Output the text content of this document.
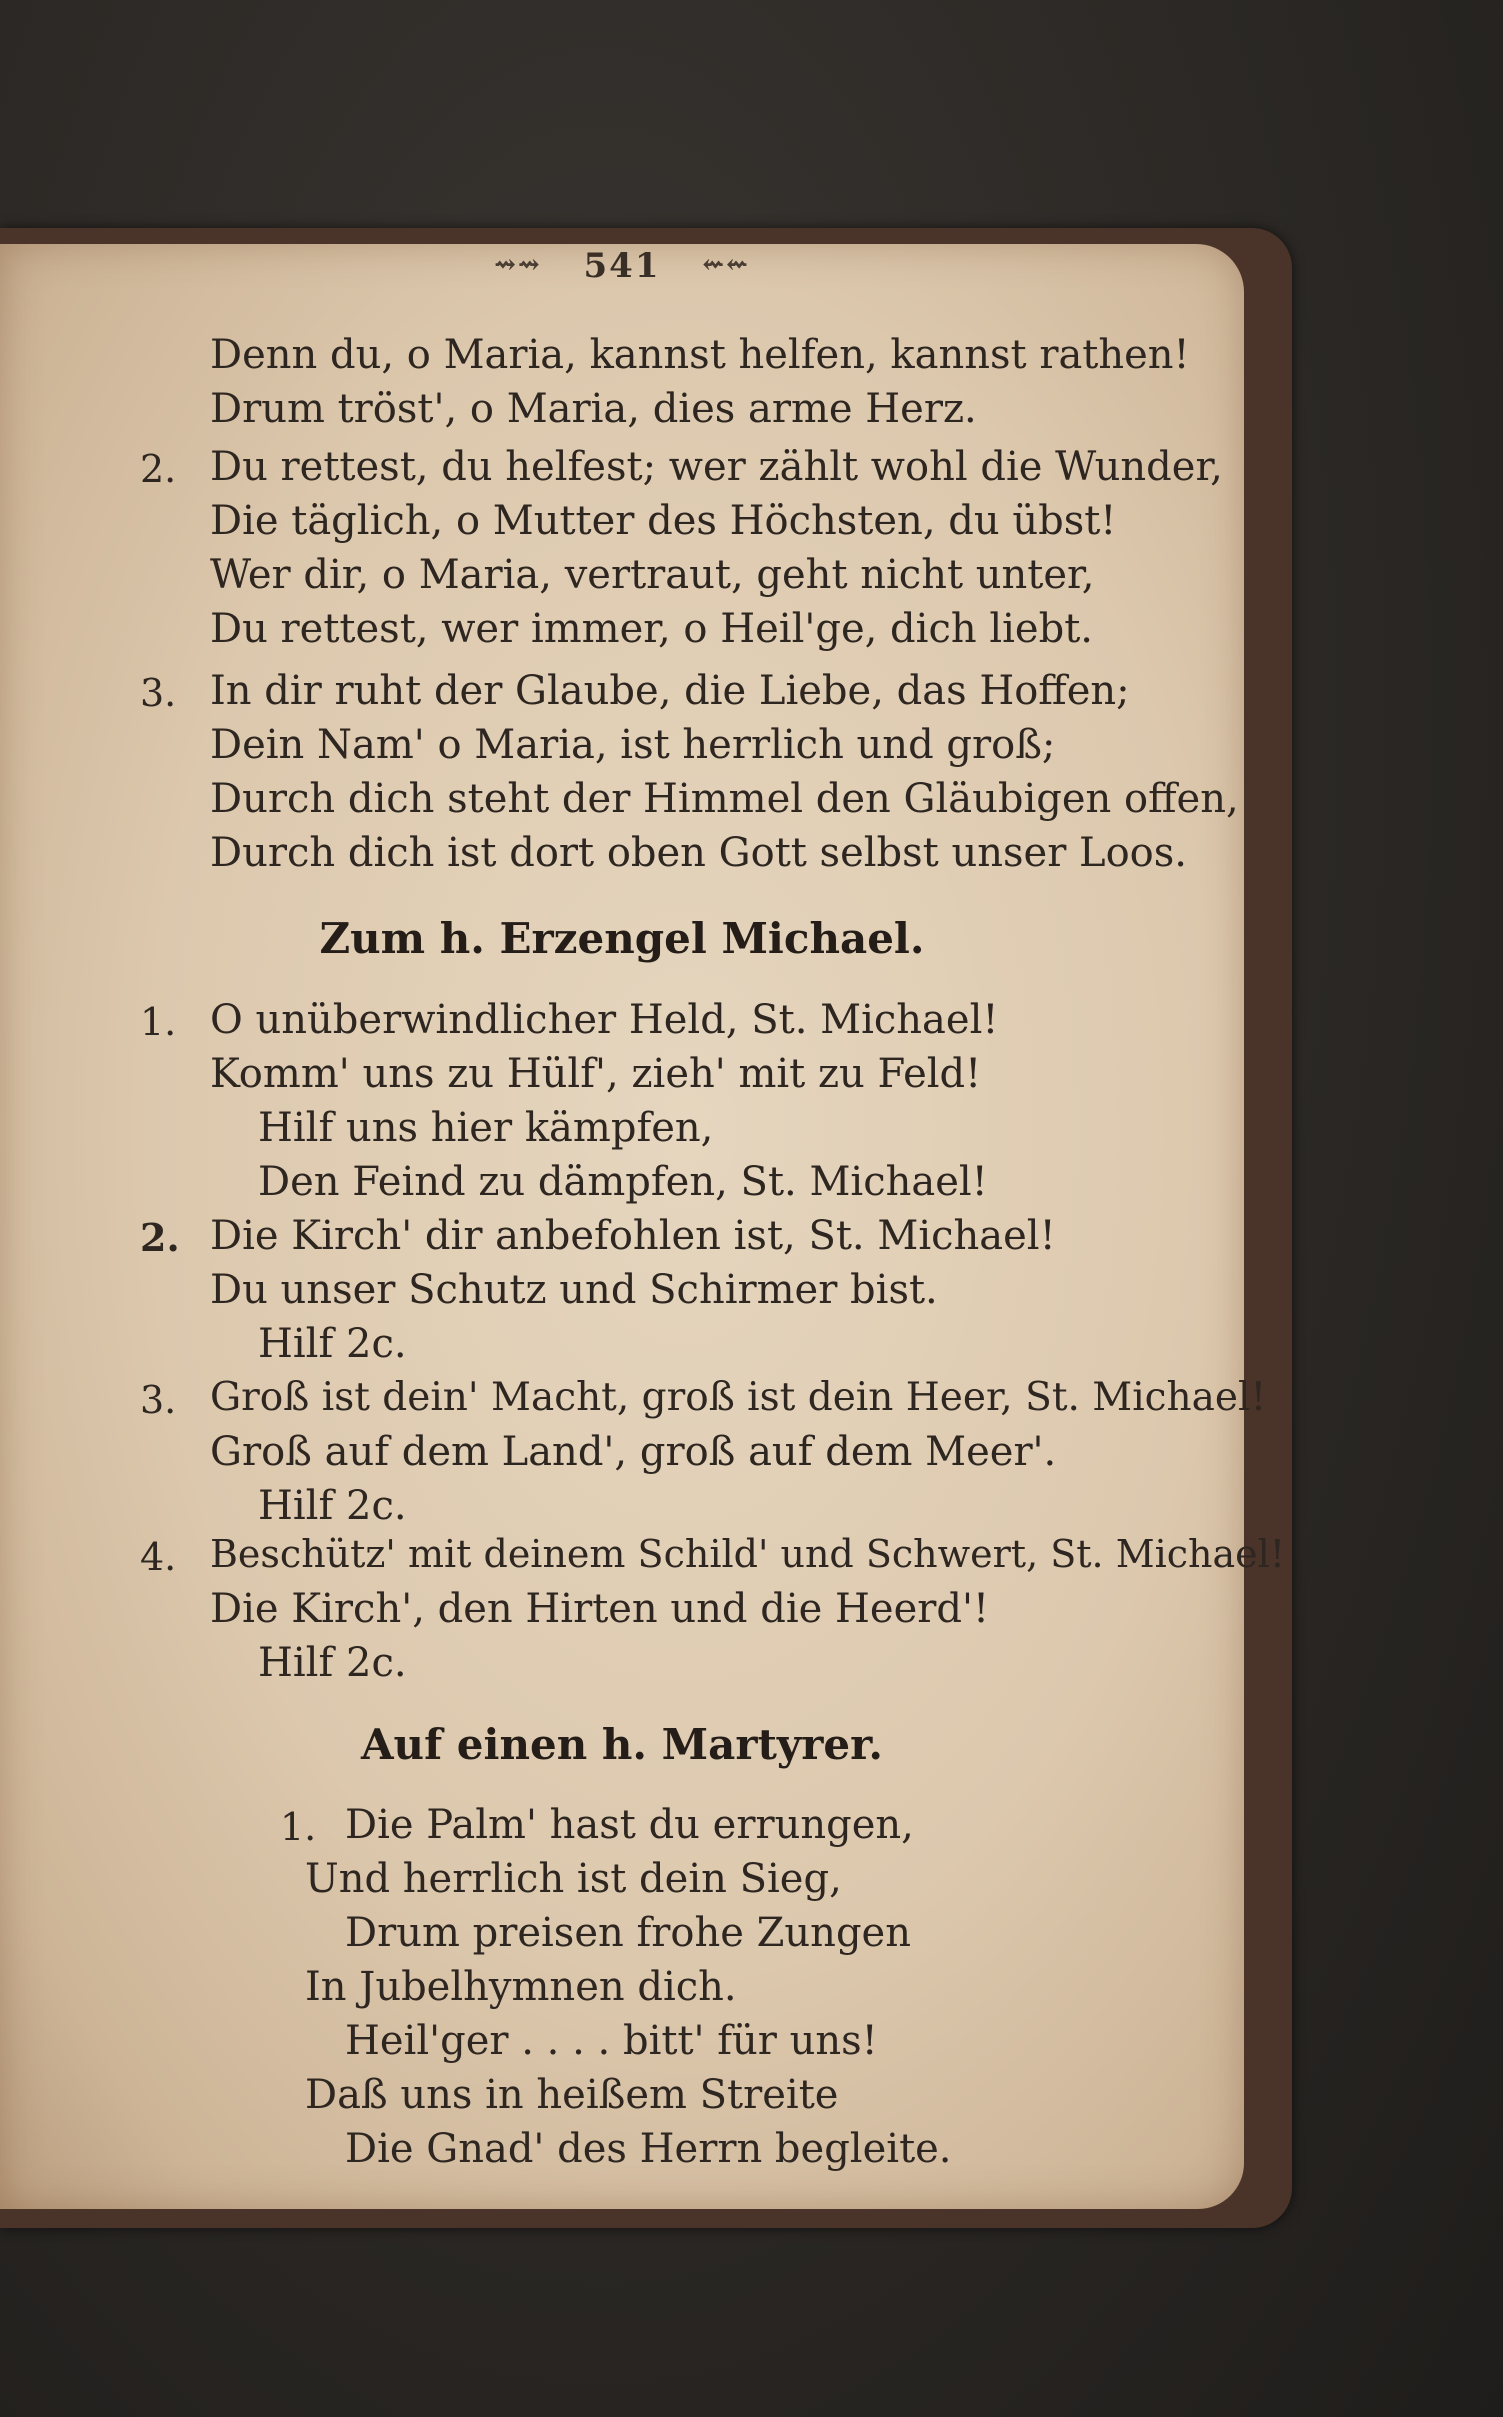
⇝⇝ 541 ⇜⇜
Denn du, o Maria, kannst helfen, kannst rathen!
Drum tröst', o Maria, dies arme Herz.
2. Du rettest, du helfest; wer zählt wohl die Wunder,
Die täglich, o Mutter des Höchsten, du übst!
Wer dir, o Maria, vertraut, geht nicht unter,
Du rettest, wer immer, o Heil'ge, dich liebt.
3. In dir ruht der Glaube, die Liebe, das Hoffen;
Dein Nam' o Maria, ist herrlich und groß;
Durch dich steht der Himmel den Gläubigen offen,
Durch dich ist dort oben Gott selbst unser Loos.
Zum h. Erzengel Michael.
1. O unüberwindlicher Held, St. Michael!
Komm' uns zu Hülf', zieh' mit zu Feld!
Hilf uns hier kämpfen,
Den Feind zu dämpfen, St. Michael!
2. Die Kirch' dir anbefohlen ist, St. Michael!
Du unser Schutz und Schirmer bist.
Hilf 2c.
3. Groß ist dein' Macht, groß ist dein Heer, St. Michael!
Groß auf dem Land', groß auf dem Meer'.
Hilf 2c.
4. Beschütz' mit deinem Schild' und Schwert, St. Michael!
Die Kirch', den Hirten und die Heerd'!
Hilf 2c.
Auf einen h. Martyrer.
1. Die Palm' hast du errungen,
Und herrlich ist dein Sieg,
Drum preisen frohe Zungen
In Jubelhymnen dich.
Heil'ger . . . . bitt' für uns!
Daß uns in heißem Streite
Die Gnad' des Herrn begleite.
